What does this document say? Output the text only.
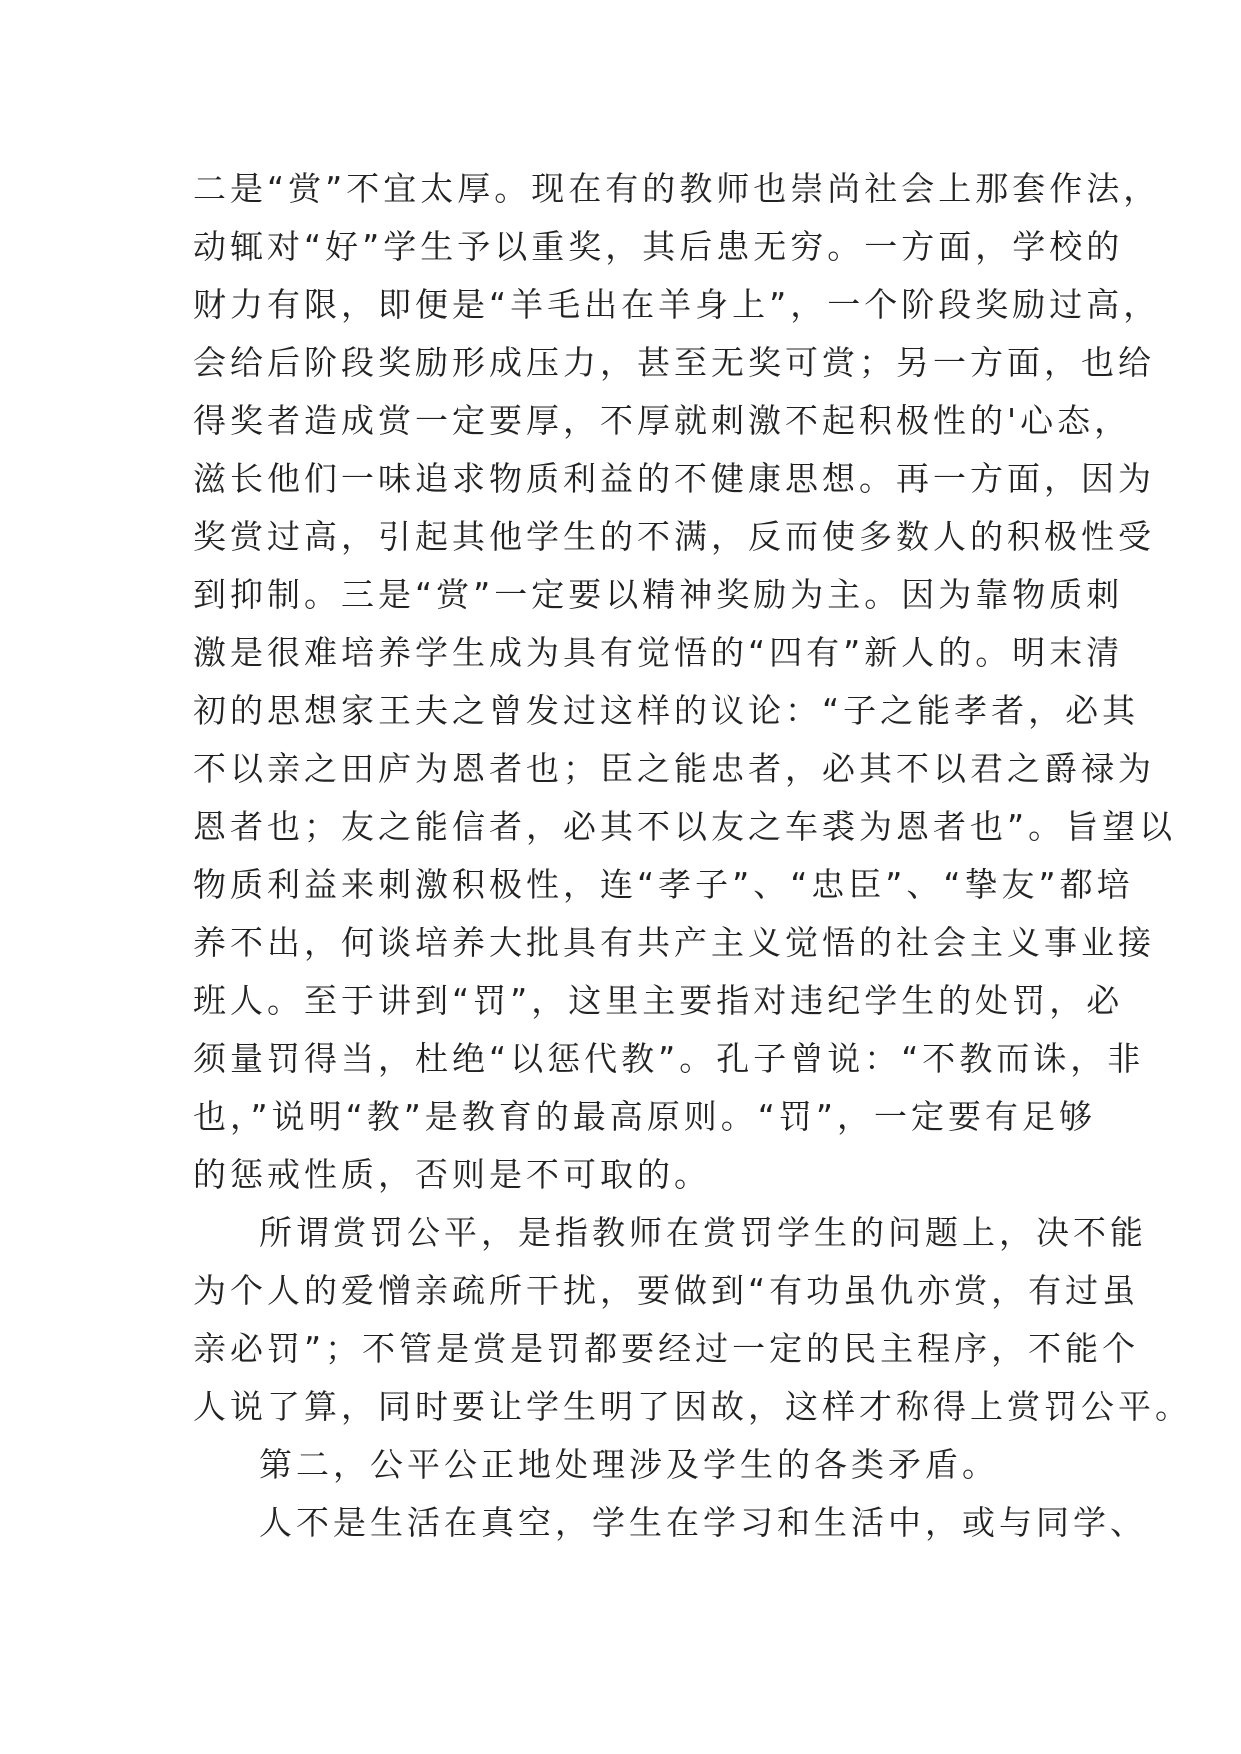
二是“赏”不宜太厚。现在有的教师也崇尚社会上那套作法，
动辄对“好”学生予以重奖，其后患无穷。一方面，学校的
财力有限，即便是“羊毛出在羊身上”，一个阶段奖励过高，
会给后阶段奖励形成压力，甚至无奖可赏；另一方面，也给
得奖者造成赏一定要厚，不厚就刺激不起积极性的'心态，
滋长他们一味追求物质利益的不健康思想。再一方面，因为
奖赏过高，引起其他学生的不满，反而使多数人的积极性受
到抑制。三是“赏”一定要以精神奖励为主。因为靠物质刺
激是很难培养学生成为具有觉悟的“四有”新人的。明末清
初的思想家王夫之曾发过这样的议论：“子之能孝者，必其
不以亲之田庐为恩者也；臣之能忠者，必其不以君之爵禄为
恩者也；友之能信者，必其不以友之车裘为恩者也”。旨望以
物质利益来刺激积极性，连“孝子”、“忠臣”、“挚友”都培
养不出，何谈培养大批具有共产主义觉悟的社会主义事业接
班人。至于讲到“罚”，这里主要指对违纪学生的处罚，必
须量罚得当，杜绝“以惩代教”。孔子曾说：“不教而诛，非
也，”说明“教”是教育的最高原则。“罚”，一定要有足够
的惩戒性质，否则是不可取的。
所谓赏罚公平，是指教师在赏罚学生的问题上，决不能
为个人的爱憎亲疏所干扰，要做到“有功虽仇亦赏，有过虽
亲必罚”；不管是赏是罚都要经过一定的民主程序，不能个
人说了算，同时要让学生明了因故，这样才称得上赏罚公平。
第二，公平公正地处理涉及学生的各类矛盾。
人不是生活在真空，学生在学习和生活中，或与同学、
